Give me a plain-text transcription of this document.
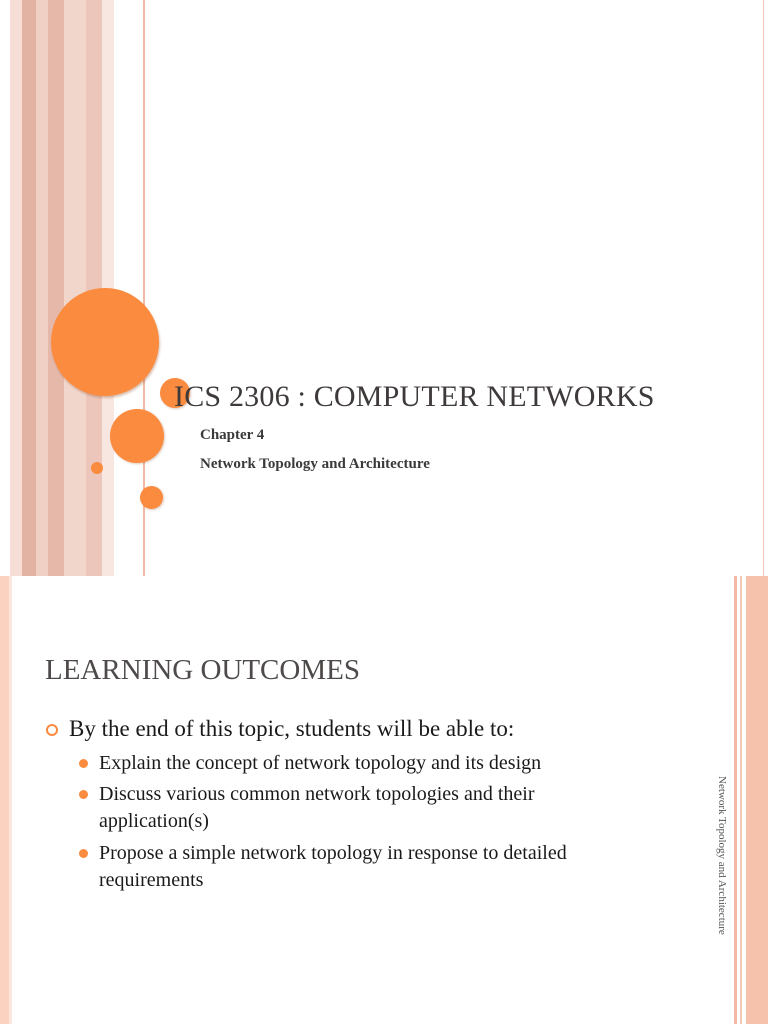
ICS 2306 : COMPUTER NETWORKS
Chapter 4
Network Topology and Architecture
LEARNING OUTCOMES
By the end of this topic, students will be able to:
Explain the concept of network topology and its design
Discuss various common network topologies and their application(s)
Propose a simple network topology in response to detailed requirements	Network Topology and Architecture
